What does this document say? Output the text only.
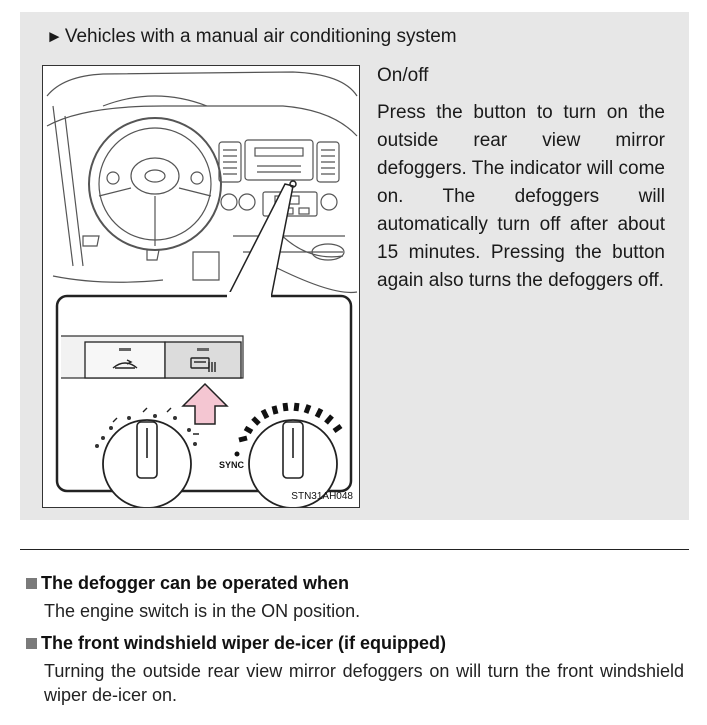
► Vehicles with a manual air conditioning system
SYNC
STN31AH048

On/off

Press the button to turn on the outside rear view mirror defoggers. The indicator will come on. The defoggers will automatically turn off after about 15 minutes. Pressing the button again also turns the defoggers off.

The defogger can be operated when
The engine switch is in the ON position.
The front windshield wiper de-icer (if equipped)
Turning the outside rear view mirror defoggers on will turn the front windshield wiper de-icer on.
